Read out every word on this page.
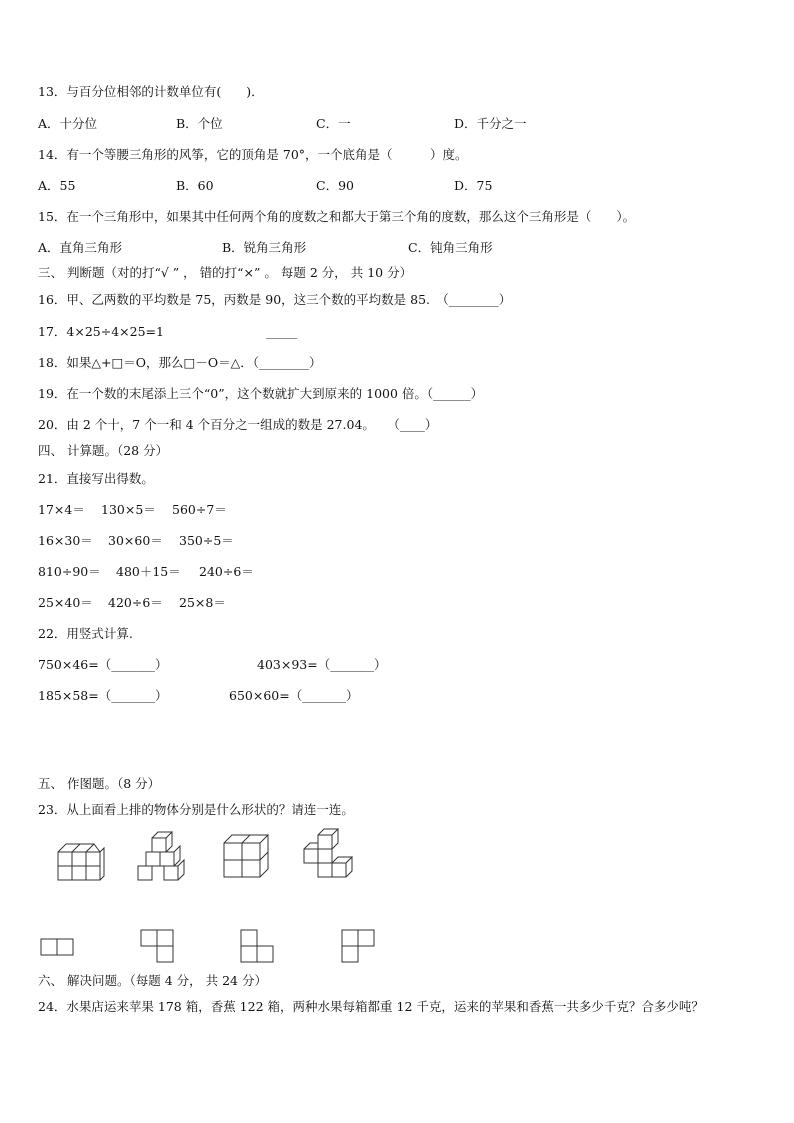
13．与百分位相邻的计数单位有(　　)．
A．十分位	B．个位	C．一	D．千分之一
14．有一个等腰三角形的风筝，它的顶角是 70°，一个底角是（　　　）度。
A．55	B．60	C．90	D．75
15．在一个三角形中，如果其中任何两个角的度数之和都大于第三个角的度数，那么这个三角形是（　　）。
A．直角三角形	B．锐角三角形	C．钝角三角形
三、 判断题（对的打“√ ” ， 错的打“×” 。 每题 2 分， 共 10 分）
16．甲、乙两数的平均数是 75，丙数是 90，这三个数的平均数是 85.　（________）
17．4×25÷4×25=1	_____
18．如果△+□＝O，那么□－O＝△．（________）
19．在一个数的末尾添上三个“0”，这个数就扩大到原来的 1000 倍。（______）
20．由 2 个十，7 个一和 4 个百分之一组成的数是 27.04。　　（____）
四、 计算题。（28 分）
21．直接写出得数。
17×4＝ 130×5＝ 560÷7＝
16×30＝ 30×60＝ 350÷5＝
810÷90＝ 480＋15＝ 240÷6＝
25×40＝ 420÷6＝ 25×8＝
22．用竖式计算.
750×46=（_______）	403×93=（_______）
185×58=（_______）	650×60=（_______）
五、 作图题。（8 分）
23．从上面看上排的物体分别是什么形状的？请连一连。
六、 解决问题。（每题 4 分， 共 24 分）
24．水果店运来苹果 178 箱，香蕉 122 箱，两种水果每箱都重 12 千克，运来的苹果和香蕉一共多少千克？合多少吨？
